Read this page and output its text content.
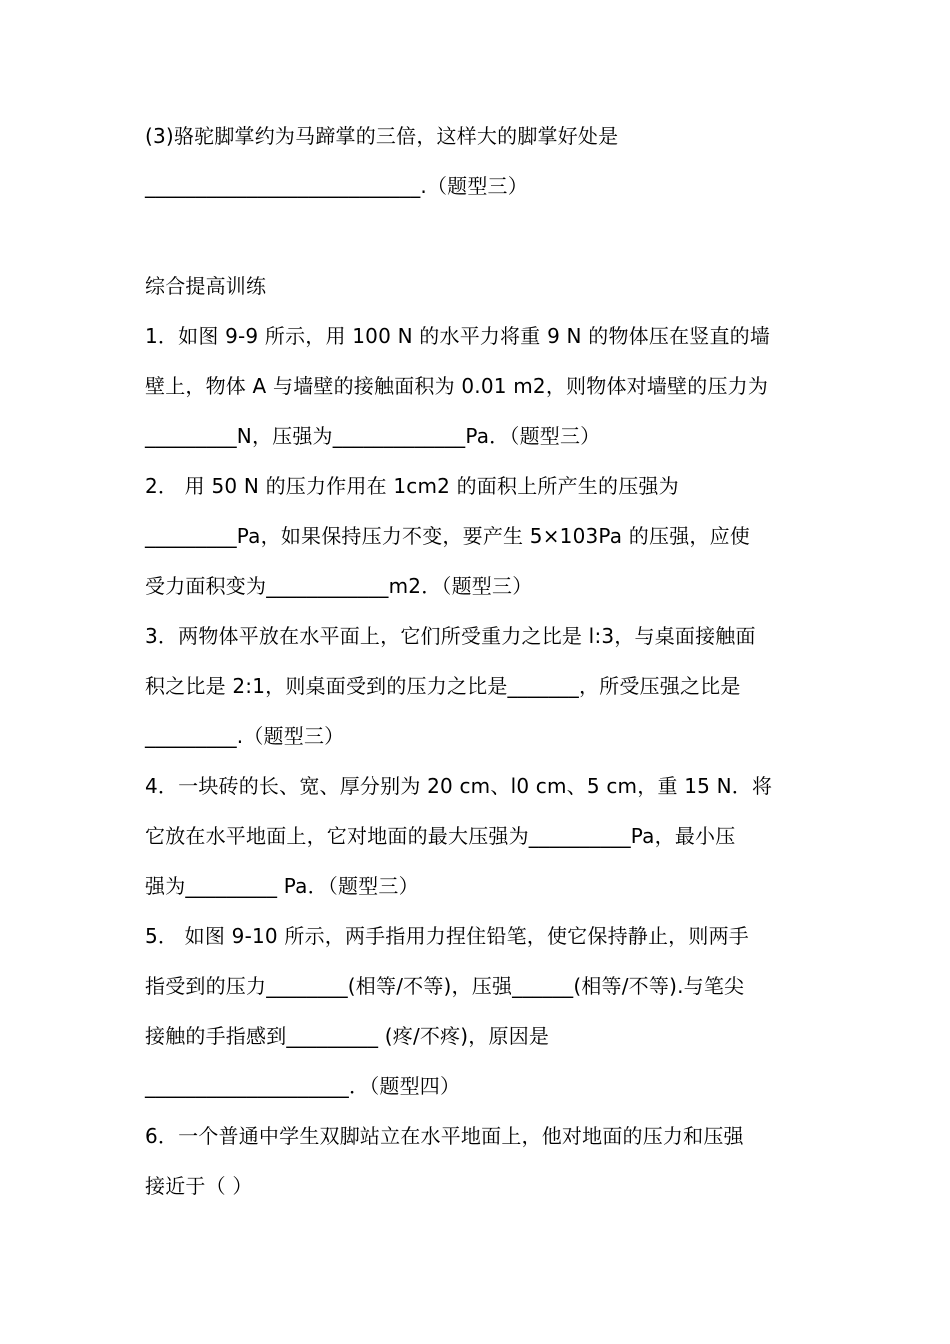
(3)骆驼脚掌约为马蹄掌的三倍，这样大的脚掌好处是
___________________________.（题型三）
综合提高训练
1．如图 9-9 所示，用 100 N 的水平力将重 9 N 的物体压在竖直的墙
壁上，物体 A 与墙壁的接触面积为 0.01 m2，则物体对墙壁的压力为
_________N，压强为_____________Pa．（题型三）
2． 用 50 N 的压力作用在 1cm2 的面积上所产生的压强为
_________Pa，如果保持压力不变，要产生 5×103Pa 的压强，应使
受力面积变为____________m2．（题型三）
3．两物体平放在水平面上，它们所受重力之比是 l:3，与桌面接触面
积之比是 2:1，则桌面受到的压力之比是_______，所受压强之比是
_________.（题型三）
4．一块砖的长、宽、厚分别为 20 cm、l0 cm、5 cm，重 15 N．将
它放在水平地面上，它对地面的最大压强为__________Pa，最小压
强为_________ Pa．（题型三）
5． 如图 9-10 所示，两手指用力捏住铅笔，使它保持静止，则两手
指受到的压力________(相等/不等)，压强______(相等/不等).与笔尖
接触的手指感到_________ (疼/不疼)，原因是
____________________．（题型四）
6．一个普通中学生双脚站立在水平地面上，他对地面的压力和压强
接近于（ ）
